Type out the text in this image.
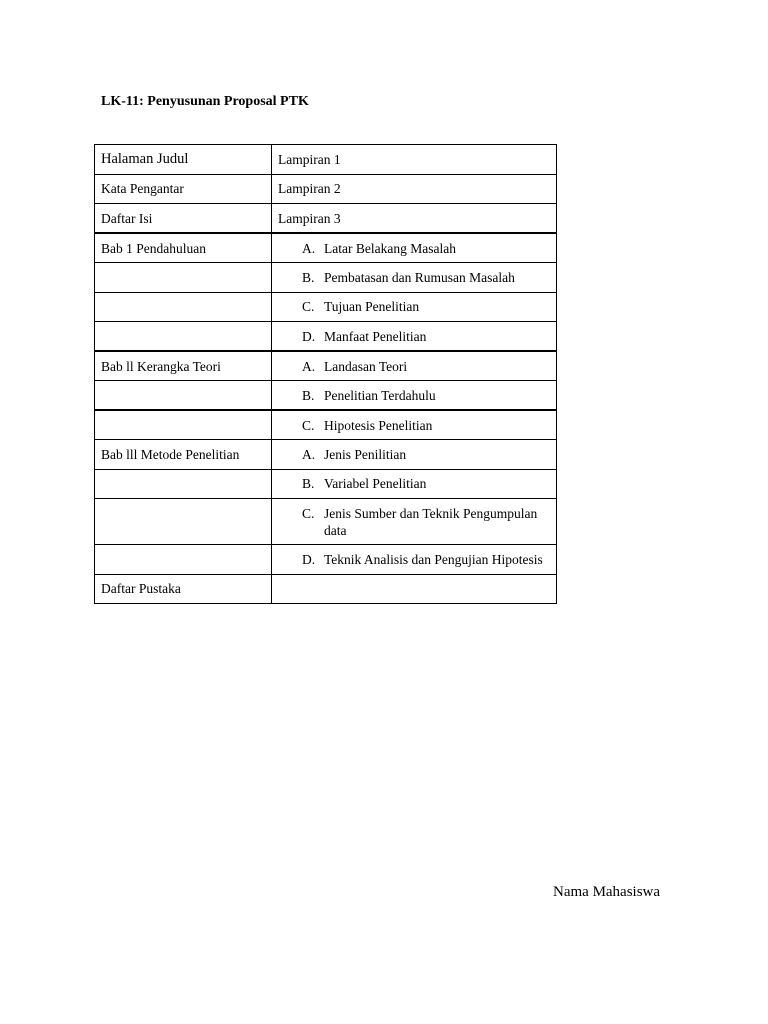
LK-11: Penyusunan Proposal PTK
Halaman Judul	Lampiran 1
Kata Pengantar	Lampiran 2
Daftar Isi	Lampiran 3
Bab 1 Pendahuluan	A. Latar Belakang Masalah

	B. Pembatasan dan Rumusan Masalah

	C. Tujuan Penelitian

	D. Manfaat Penelitian

Bab ll Kerangka Teori	A. Landasan Teori

	B. Penelitian Terdahulu

	C. Hipotesis Penelitian

Bab lll Metode Penelitian	A. Jenis Penilitian

	B. Variabel Penelitian

	C. Jenis Sumber dan Teknik Pengumpulan data

	D. Teknik Analisis dan Pengujian Hipotesis

Daftar Pustaka	
Nama Mahasiswa
